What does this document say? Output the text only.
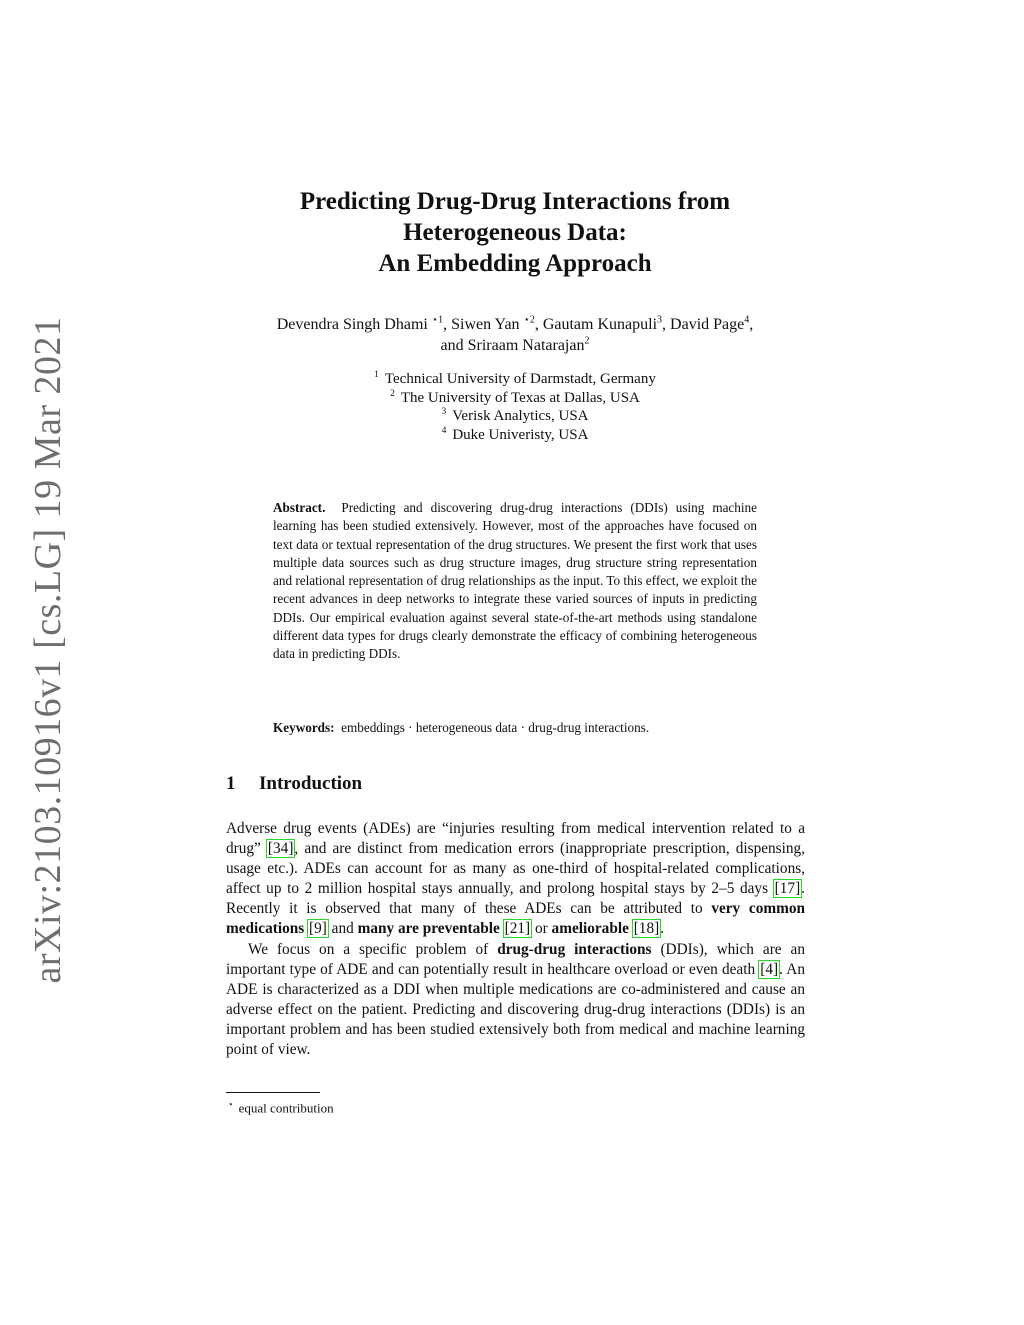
arXiv:2103.10916v1 [cs.LG] 19 Mar 2021
Predicting Drug-Drug Interactions from
Heterogeneous Data:
An Embedding Approach
Devendra Singh Dhami $^{⋆1}$, Siwen Yan $^{⋆2}$, Gautam Kunapuli$^3$, David Page$^4$,
and Sriraam Natarajan$^2$
$^1$ Technical University of Darmstadt, Germany
$^2$ The University of Texas at Dallas, USA
$^3$ Verisk Analytics, USA
$^4$ Duke Univeristy, USA
Abstract. Predicting and discovering drug-drug interactions (DDIs) using machine learning has been studied extensively. However, most of the approaches have focused on text data or textual representation of the drug structures. We present the first work that uses multiple data sources such as drug structure images, drug structure string representation and relational representation of drug relationships as the input. To this effect, we exploit the recent advances in deep networks to integrate these varied sources of inputs in predicting DDIs. Our empirical evaluation against several state-of-the-art methods using standalone different data types for drugs clearly demonstrate the efficacy of combining heterogeneous data in predicting DDIs.
Keywords: embeddings · heterogeneous data · drug-drug interactions.
1 Introduction

Adverse drug events (ADEs) are “injuries resulting from medical intervention related to a drug” [34], and are distinct from medication errors (inappropriate prescription, dispensing, usage etc.). ADEs can account for as many as one-third of hospital-related complications, affect up to 2 million hospital stays annually, and prolong hospital stays by 2–5 days [17]. Recently it is observed that many of these ADEs can be attributed to very common medications [9] and many are preventable [21] or ameliorable [18].

We focus on a specific problem of drug-drug interactions (DDIs), which are an important type of ADE and can potentially result in healthcare overload or even death [4]. An ADE is characterized as a DDI when multiple medications are co-administered and cause an adverse effect on the patient. Predicting and discovering drug-drug interactions (DDIs) is an important problem and has been studied extensively both from medical and machine learning point of view.

⋆ equal contribution
